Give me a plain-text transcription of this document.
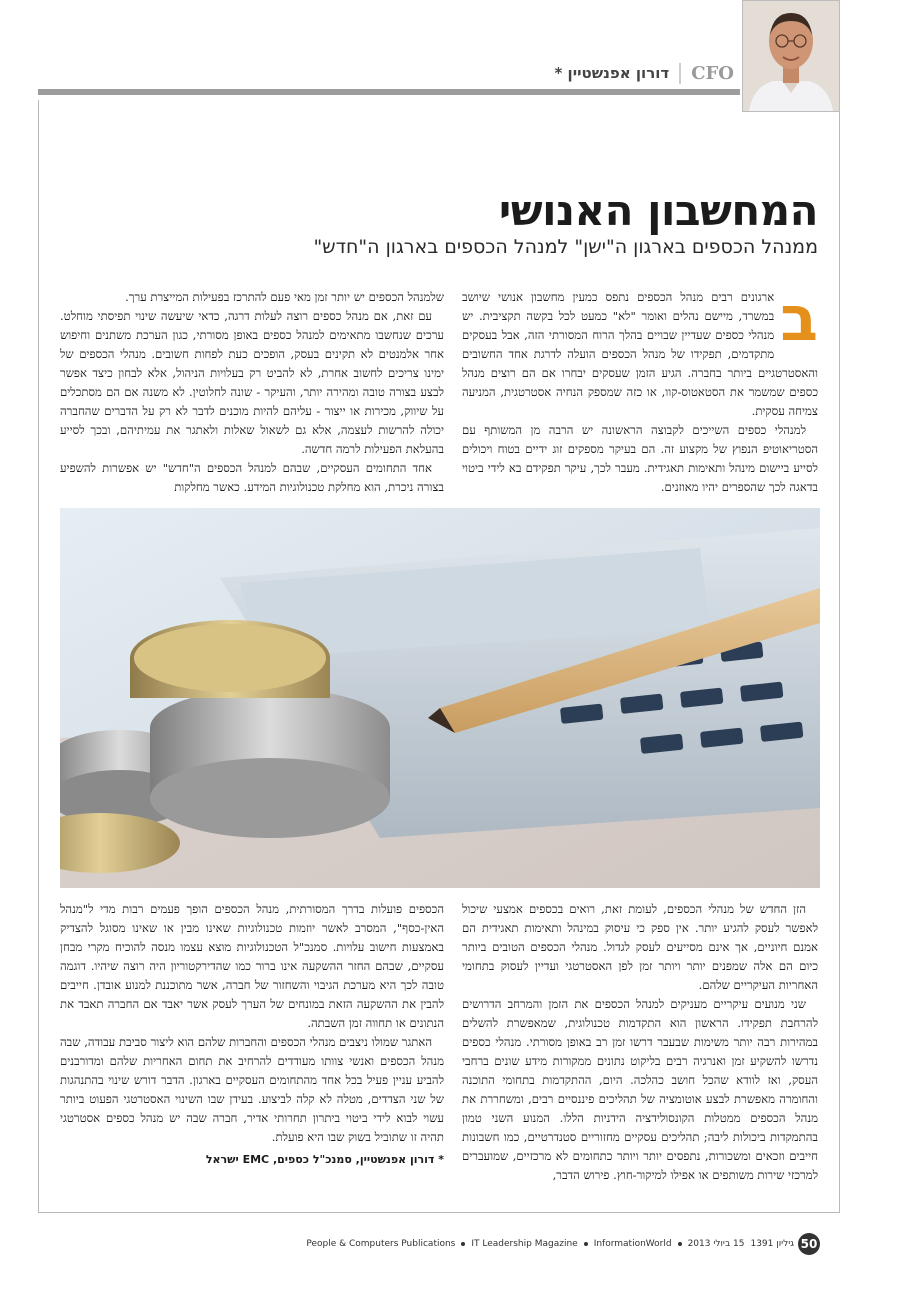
דורון אפנשטיין *	CFO
המחשבון האנושי
ממנהל הכספים בארגון ה"ישן" למנהל הכספים בארגון ה"חדש"
ב

ארגונים רבים מנהל הכספים נתפס כמעין מחשבון אנושי שיושב במשרד, מיישם נהלים ואומר "לא" כמעט לכל בקשה תקציבית. יש מנהלי כספים שעדיין שבויים בהלך הרוח המסורתי הזה, אבל בעסקים מתקדמים, תפקידו של מנהל הכספים הועלה לדרגת אחד החשובים והאסטרטגיים ביותר בחברה. הגיע הזמן שעסקים יבחרו אם הם רוצים מנהל כספים שמשמר את הסטאטוס-קוו, או כזה שמספק הנחיה אסטרטגית, המניעה צמיחה עסקית.

למנהלי כספים השייכים לקבוצה הראשונה יש הרבה מן המשותף עם הסטריאוטיפ הנפוץ של מקצוע זה. הם בעיקר מספקים זוג ידיים בטוח ויכולים לסייע ביישום מינהל ותאימות תאגידית. מעבר לכך, עיקר תפקידם בא לידי ביטוי בדאגה לכך שהספרים יהיו מאוזנים.

שלמנהל הכספים יש יותר זמן מאי פעם להתרכז בפעילות המייצרת ערך.

עם זאת, אם מנהל כספים רוצה לעלות דרגה, כדאי שיעשה שינוי תפיסתי מוחלט. ערכים שנחשבו מתאימים למנהל כספים באופן מסורתי, כגון הערכת משתנים וחיפוש אחר אלמנטים לא תקינים בעסק, הופכים כעת לפחות חשובים. מנהלי הכספים של ימינו צריכים לחשוב אחרת, לא להביט רק בעלויות הניהול, אלא לבחון כיצד אפשר לבצע בצורה טובה ומהירה יותר, והעיקר - שונה לחלוטין. לא משנה אם הם מסתכלים על שיווק, מכירות או ייצור - עליהם להיות מוכנים לדבר לא רק על הדברים שהחברה יכולה להרשות לעצמה, אלא גם לשאול שאלות ולאתגר את עמיתיהם, ובכך לסייע בהעלאת הפעילות לרמה חדשה.

אחד התחומים העסקיים, שבהם למנהל הכספים ה"חדש" יש אפשרות להשפיע בצורה ניכרת, הוא מחלקת טכנולוגיות המידע. כאשר מחלקות

הזן החדש של מנהלי הכספים, לעומת זאת, רואים בכספים אמצעי שיכול לאפשר לעסק להגיע יותר. אין ספק כי עיסוק במינהל ותאימות תאגידית הם אמנם חיוניים, אך אינם מסייעים לעסק לגדול. מנהלי הכספים הטובים ביותר כיום הם אלה שמפנים יותר ויותר זמן לפן האסטרטגי ועדיין לעסוק בתחומי האחריות העיקריים שלהם.

שני מנועים עיקריים מעניקים למנהל הכספים את הזמן והמרחב הדרושים להרחבת תפקידו. הראשון הוא התקדמות טכנולוגית, שמאפשרת להשלים במהירות רבה יותר משימות שבעבר דרשו זמן רב באופן מסורתי. מנהלי כספים נדרשו להשקיע זמן ואנרגיה רבים בליקוט נתונים ממקורות מידע שונים ברחבי העסק, ואז לוודא שהכל חושב כהלכה. היום, ההתקדמות בתחומי התוכנה והחומרה מאפשרת לבצע אוטומציה של תהליכים פיננסיים רבים, ומשחררת את מנהל הכספים ממטלות הקונסולידציה הידניות הללו. המנוע השני טמון בהתמקדות ביכולות ליבה; תהליכים עסקיים מחזוריים סטנדרטיים, כמו חשבונות חייבים וזכאים ומשכורות, נתפסים יותר ויותר כתחומים לא מרכזיים, שמועברים למרכזי שירות משותפים או אפילו למיקור-חוץ. פירוש הדבר,

הכספים פועלות בדרך המסורתית, מנהל הכספים הופך פעמים רבות מדי ל"מנהל האין-כסף", המסרב לאשר יוזמות טכנולוגיות שאינו מבין או שאינו מסוגל להצדיק באמצעות חישוב עלויות. סמנכ"ל הטכנולוגיות מוצא עצמו מנסה להוכיח מקרי מבחן עסקיים, שבהם החזר ההשקעה אינו ברור כמו שהדירקטוריון היה רוצה שיהיו. דוגמה טובה לכך היא מערכת הגיבוי והשחזור של חברה, אשר מתוכננת למנוע אובדן. חייבים להבין את ההשקעה הזאת במונחים של הערך לעסק אשר יאבד אם החברה תאבד את הנתונים או תחווה זמן השבתה.

האתגר שמולו ניצבים מנהלי הכספים והחברות שלהם הוא ליצור סביבת עבודה, שבה מנהל הכספים ואנשי צוותו מעודדים להרחיב את תחום האחריות שלהם ומדורבנים להביע עניין פעיל בכל אחד מהתחומים העסקיים בארגון. הדבר דורש שינוי בהתנהגות של שני הצדדים, מטלה לא קלה לביצוע. בעידן שבו השינוי האסטרטגי הפעוט ביותר עשוי לבוא לידי ביטוי ביתרון תחרותי אדיר, חברה שבה יש מנהל כספים אסטרטגי תהיה זו שתוביל בשוק שבו היא פועלת.

* דורון אפנשטיין, סמנכ"ל כספים, EMC ישראל
50
גיליון 1391
15 ביולי 2013
InformationWorld
IT Leadership Magazine
People & Computers Publications
